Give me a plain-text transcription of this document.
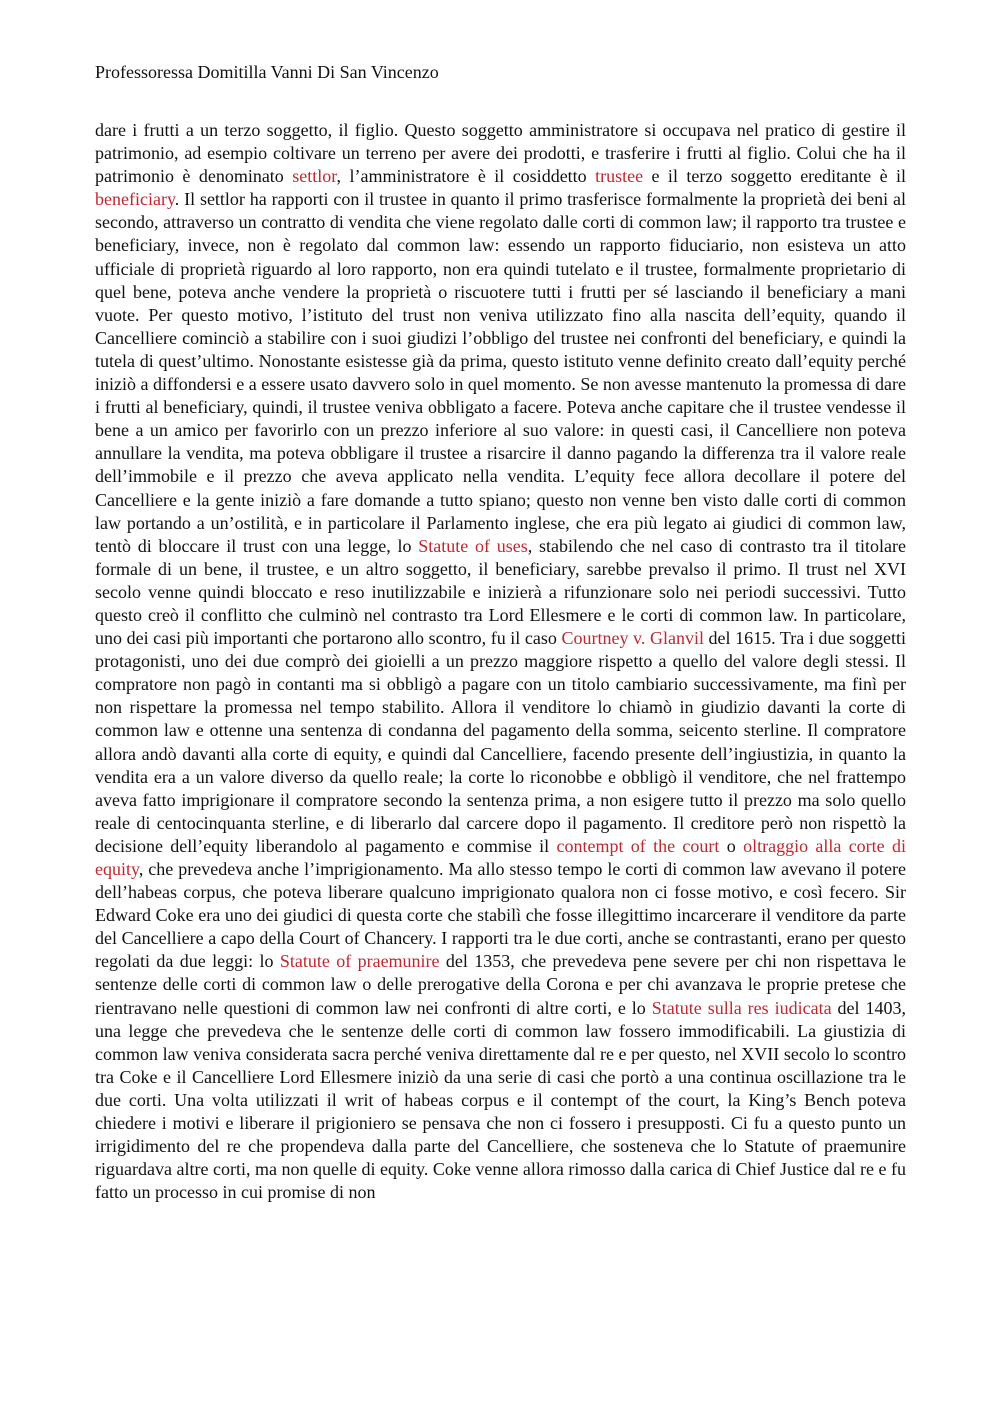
Professoressa Domitilla Vanni Di San Vincenzo
dare i frutti a un terzo soggetto, il figlio. Questo soggetto amministratore si occupava nel pratico di gestire il patrimonio, ad esempio coltivare un terreno per avere dei prodotti, e trasferire i frutti al figlio. Colui che ha il patrimonio è denominato settlor, l’amministratore è il cosiddetto trustee e il terzo soggetto ereditante è il beneficiary. Il settlor ha rapporti con il trustee in quanto il primo trasferisce formalmente la proprietà dei beni al secondo, attraverso un contratto di vendita che viene regolato dalle corti di common law; il rapporto tra trustee e beneficiary, invece, non è regolato dal common law: essendo un rapporto fiduciario, non esisteva un atto ufficiale di proprietà riguardo al loro rapporto, non era quindi tutelato e il trustee, formalmente proprietario di quel bene, poteva anche vendere la proprietà o riscuotere tutti i frutti per sé lasciando il beneficiary a mani vuote. Per questo motivo, l’istituto del trust non veniva utilizzato fino alla nascita dell’equity, quando il Cancelliere cominciò a stabilire con i suoi giudizi l’obbligo del trustee nei confronti del beneficiary, e quindi la tutela di quest’ultimo. Nonostante esistesse già da prima, questo istituto venne definito creato dall’equity perché iniziò a diffondersi e a essere usato davvero solo in quel momento. Se non avesse mantenuto la promessa di dare i frutti al beneficiary, quindi, il trustee veniva obbligato a facere. Poteva anche capitare che il trustee vendesse il bene a un amico per favorirlo con un prezzo inferiore al suo valore: in questi casi, il Cancelliere non poteva annullare la vendita, ma poteva obbligare il trustee a risarcire il danno pagando la differenza tra il valore reale dell’immobile e il prezzo che aveva applicato nella vendita. L’equity fece allora decollare il potere del Cancelliere e la gente iniziò a fare domande a tutto spiano; questo non venne ben visto dalle corti di common law portando a un’ostilità, e in particolare il Parlamento inglese, che era più legato ai giudici di common law, tentò di bloccare il trust con una legge, lo Statute of uses, stabilendo che nel caso di contrasto tra il titolare formale di un bene, il trustee, e un altro soggetto, il beneficiary, sarebbe prevalso il primo. Il trust nel XVI secolo venne quindi bloccato e reso inutilizzabile e inizierà a rifunzionare solo nei periodi successivi. Tutto questo creò il conflitto che culminò nel contrasto tra Lord Ellesmere e le corti di common law. In particolare, uno dei casi più importanti che portarono allo scontro, fu il caso Courtney v. Glanvil del 1615. Tra i due soggetti protagonisti, uno dei due comprò dei gioielli a un prezzo maggiore rispetto a quello del valore degli stessi. Il compratore non pagò in contanti ma si obbligò a pagare con un titolo cambiario successivamente, ma finì per non rispettare la promessa nel tempo stabilito. Allora il venditore lo chiamò in giudizio davanti la corte di common law e ottenne una sentenza di condanna del pagamento della somma, seicento sterline. Il compratore allora andò davanti alla corte di equity, e quindi dal Cancelliere, facendo presente dell’ingiustizia, in quanto la vendita era a un valore diverso da quello reale; la corte lo riconobbe e obbligò il venditore, che nel frattempo aveva fatto imprigionare il compratore secondo la sentenza prima, a non esigere tutto il prezzo ma solo quello reale di centocinquanta sterline, e di liberarlo dal carcere dopo il pagamento. Il creditore però non rispettò la decisione dell’equity liberandolo al pagamento e commise il contempt of the court o oltraggio alla corte di equity, che prevedeva anche l’imprigionamento. Ma allo stesso tempo le corti di common law avevano il potere dell’habeas corpus, che poteva liberare qualcuno imprigionato qualora non ci fosse motivo, e così fecero. Sir Edward Coke era uno dei giudici di questa corte che stabilì che fosse illegittimo incarcerare il venditore da parte del Cancelliere a capo della Court of Chancery. I rapporti tra le due corti, anche se contrastanti, erano per questo regolati da due leggi: lo Statute of praemunire del 1353, che prevedeva pene severe per chi non rispettava le sentenze delle corti di common law o delle prerogative della Corona e per chi avanzava le proprie pretese che rientravano nelle questioni di common law nei confronti di altre corti, e lo Statute sulla res iudicata del 1403, una legge che prevedeva che le sentenze delle corti di common law fossero immodificabili. La giustizia di common law veniva considerata sacra perché veniva direttamente dal re e per questo, nel XVII secolo lo scontro tra Coke e il Cancelliere Lord Ellesmere iniziò da una serie di casi che portò a una continua oscillazione tra le due corti. Una volta utilizzati il writ of habeas corpus e il contempt of the court, la King’s Bench poteva chiedere i motivi e liberare il prigioniero se pensava che non ci fossero i presupposti. Ci fu a questo punto un irrigidimento del re che propendeva dalla parte del Cancelliere, che sosteneva che lo Statute of praemunire riguardava altre corti, ma non quelle di equity. Coke venne allora rimosso dalla carica di Chief Justice dal re e fu fatto un processo in cui promise di non
